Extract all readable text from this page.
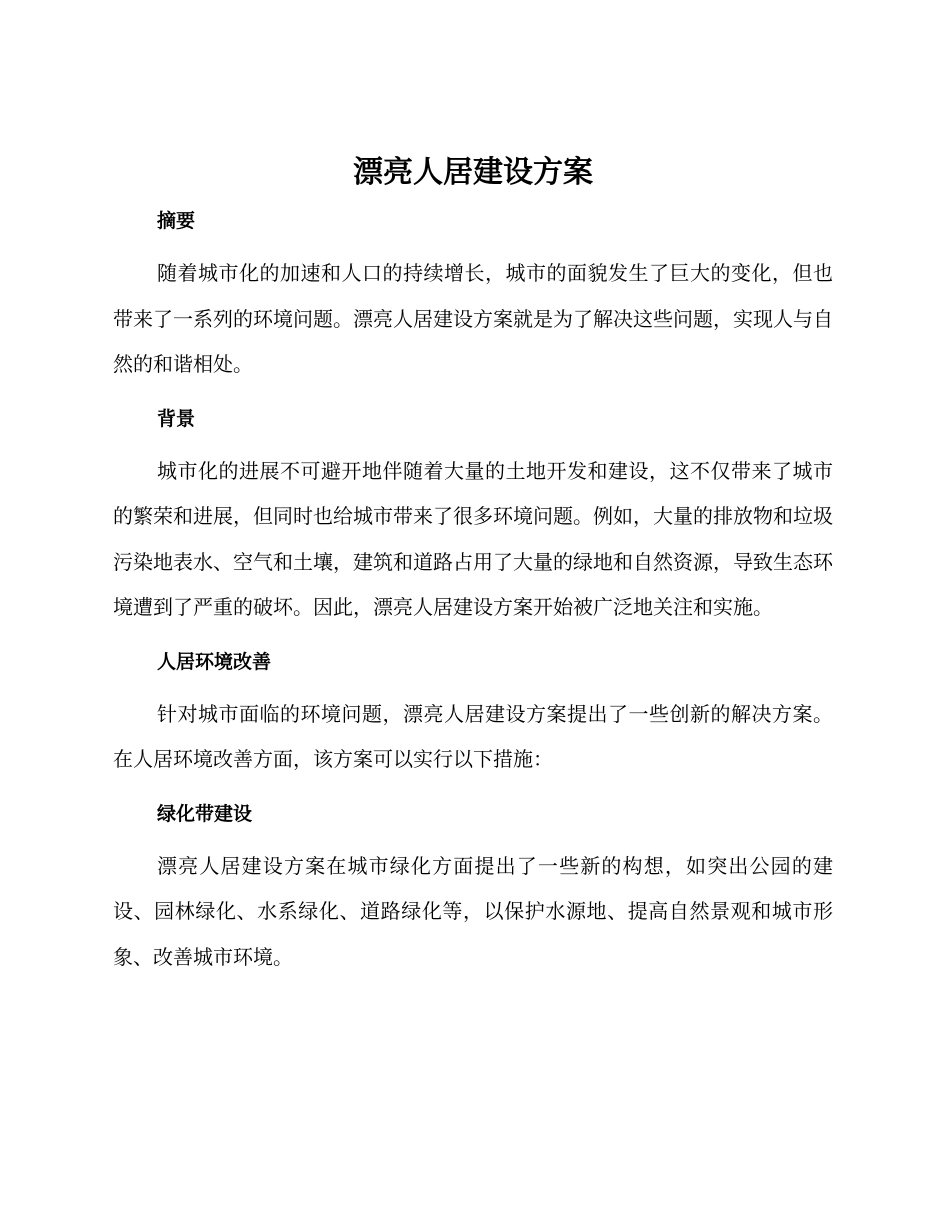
漂亮人居建设方案
摘要

随着城市化的加速和人口的持续增长，城市的面貌发生了巨大的变化，但也带来了一系列的环境问题。漂亮人居建设方案就是为了解决这些问题，实现人与自然的和谐相处。

背景

城市化的进展不可避开地伴随着大量的土地开发和建设，这不仅带来了城市的繁荣和进展，但同时也给城市带来了很多环境问题。例如，大量的排放物和垃圾污染地表水、空气和土壤，建筑和道路占用了大量的绿地和自然资源，导致生态环境遭到了严重的破坏。因此，漂亮人居建设方案开始被广泛地关注和实施。

人居环境改善

针对城市面临的环境问题，漂亮人居建设方案提出了一些创新的解决方案。在人居环境改善方面，该方案可以实行以下措施：

绿化带建设

漂亮人居建设方案在城市绿化方面提出了一些新的构想，如突出公园的建设、园林绿化、水系绿化、道路绿化等，以保护水源地、提高自然景观和城市形象、改善城市环境。
